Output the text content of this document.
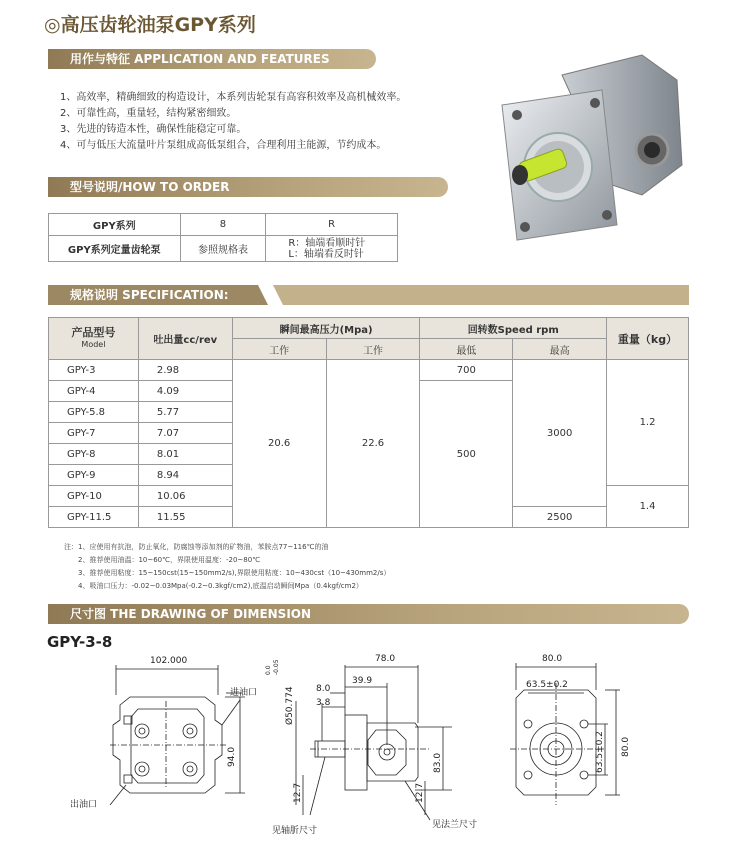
◎高压齿轮油泵GPY系列
用作与特征 APPLICATION AND FEATURES
1、高效率，精确细致的构造设计，本系列齿轮泵有高容积效率及高机械效率。
2、可靠性高，重量轻，结构紧密细致。
3、先进的铸造本性，确保性能稳定可靠。
4、可与低压大流量叶片泵组成高低泵组合，合理利用主能源，节约成本。
型号说明/HOW TO ORDER
GPY系列	8	R
GPY系列定量齿轮泵	参照规格表	R：轴端看顺时针
L：轴端看反时针
规格说明 SPECIFICATION:
产品型号
Model	吐出量cc/rev	瞬间最高压力(Mpa)		回转数Speed rpm		重量（kg）
		工作	工作	最低	最高	
GPY-3	2.98	20.6	22.6	700	3000	1.2
GPY-4	4.09			500		
GPY-5.8	5.77					
GPY-7	7.07					
GPY-8	8.01					
GPY-9	8.94					
GPY-10	10.06					1.4
GPY-11.5	11.55				2500	
注：1、应使用有抗泡，防止氧化，防腐蚀等添加剂的矿物油，苯胺点77~116℃的油
2、推荐使用油温：10~60℃，界限使用温度：-20~80℃
3、推荐使用粘度：15~150cst(15~150mm2/s),界限使用粘度：10~430cst（10~430mm2/s）
4、吸油口压力：-0.02~0.03Mpa(-0.2~0.3kgf/cm2),底温启动瞬间Mpa（0.4kgf/cm2）
尺寸图 THE DRAWING OF DIMENSION
GPY-3-8
102.000
进油口
出油口
94.0
78.0
39.9
8.0
3.8
Ø50.774
0.0 -0.05
12.7	12.7
83.0
见轴肵尺寸
见法兰尺寸
80.0
63.5±0.2
63.5±0.2 80.0
